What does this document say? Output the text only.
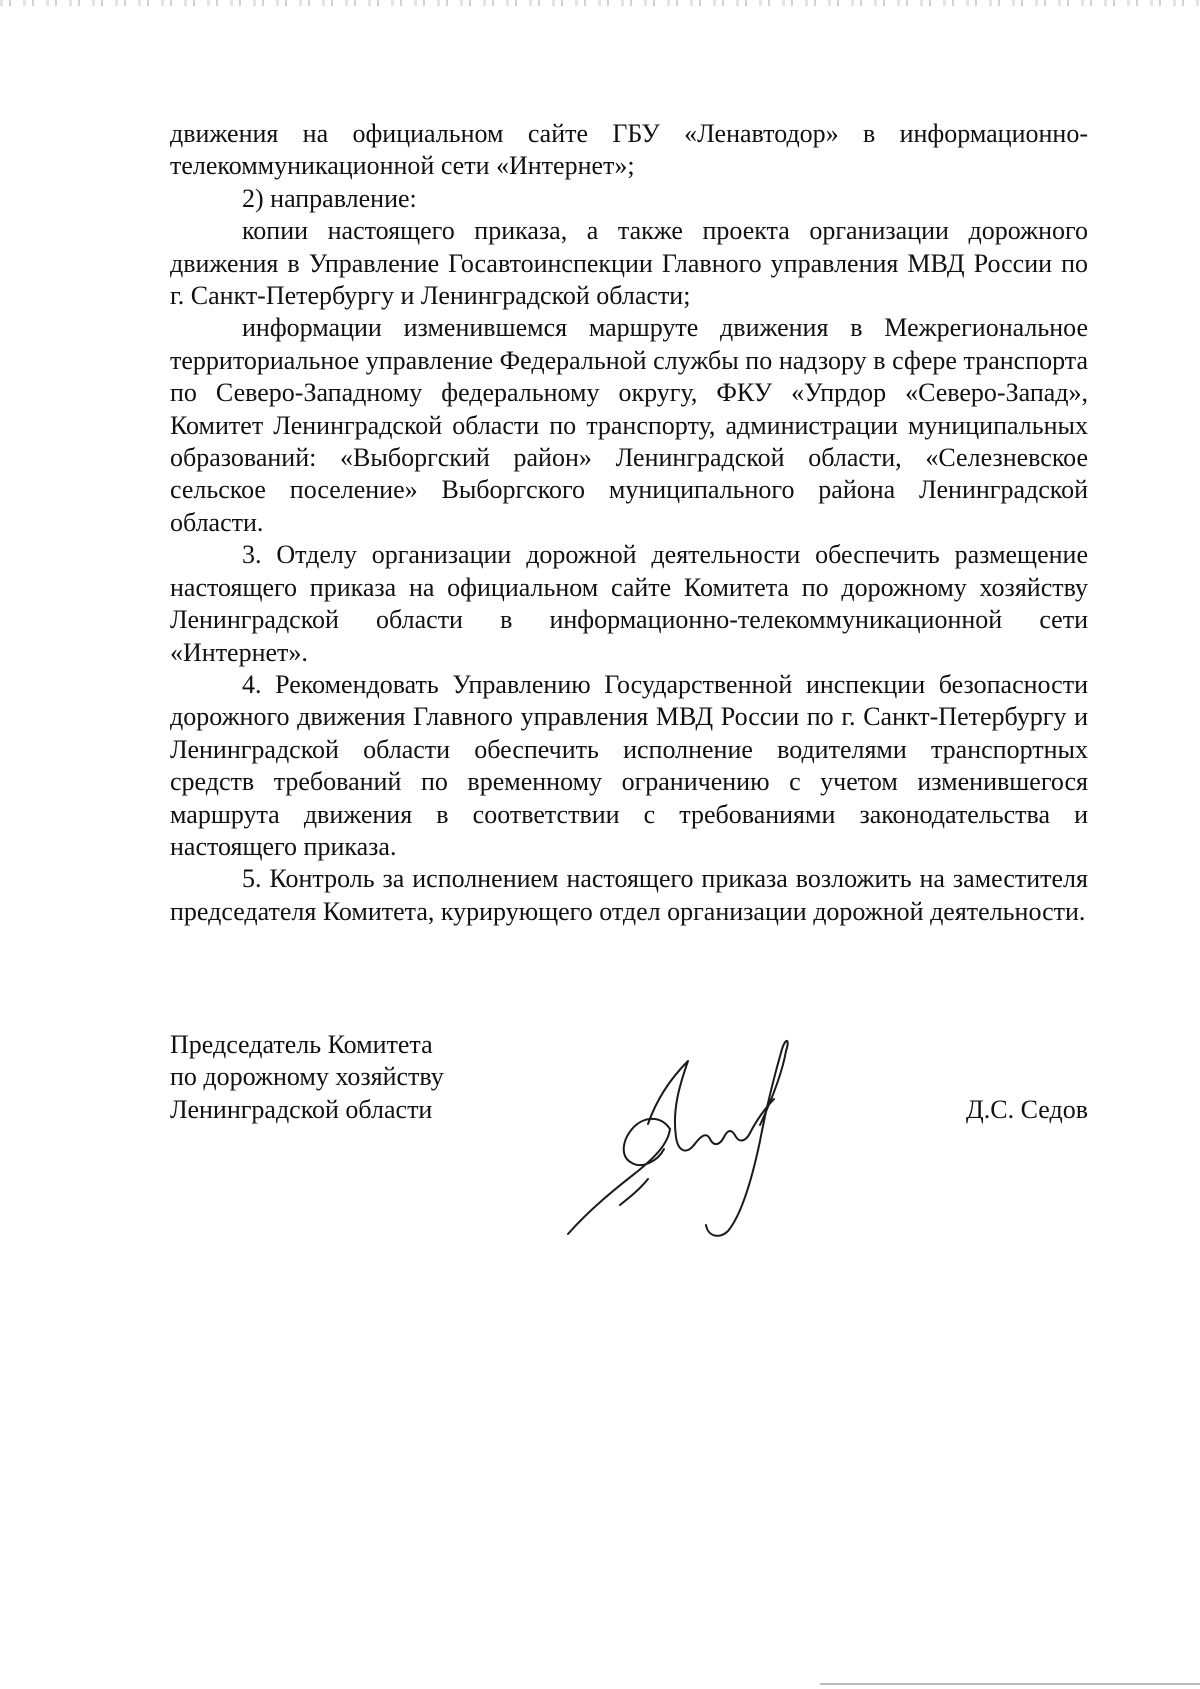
движения на официальном сайте ГБУ «Ленавтодор» в информационно-телекоммуникационной сети «Интернет»;

2) направление:

копии настоящего приказа, а также проекта организации дорожного движения в Управление Госавтоинспекции Главного управления МВД России по г. Санкт-Петербургу и Ленинградской области;

информации изменившемся маршруте движения в Межрегиональное территориальное управление Федеральной службы по надзору в сфере транспорта по Северо-Западному федеральному округу, ФКУ «Упрдор «Северо-Запад», Комитет Ленинградской области по транспорту, администрации муниципальных образований: «Выборгский район» Ленинградской области, «Селезневское сельское поселение» Выборгского муниципального района Ленинградской области.

3. Отделу организации дорожной деятельности обеспечить размещение настоящего приказа на официальном сайте Комитета по дорожному хозяйству Ленинградской области в информационно-телекоммуникационной сети «Интернет».

4. Рекомендовать Управлению Государственной инспекции безопасности дорожного движения Главного управления МВД России по г. Санкт-Петербургу и Ленинградской области обеспечить исполнение водителями транспортных средств требований по временному ограничению с учетом изменившегося маршрута движения в соответствии с требованиями законодательства и настоящего приказа.

5. Контроль за исполнением настоящего приказа возложить на заместителя председателя Комитета, курирующего отдел организации дорожной деятельности.

Председатель Комитета
по дорожному хозяйству
Ленинградской области	Д.С. Седов
